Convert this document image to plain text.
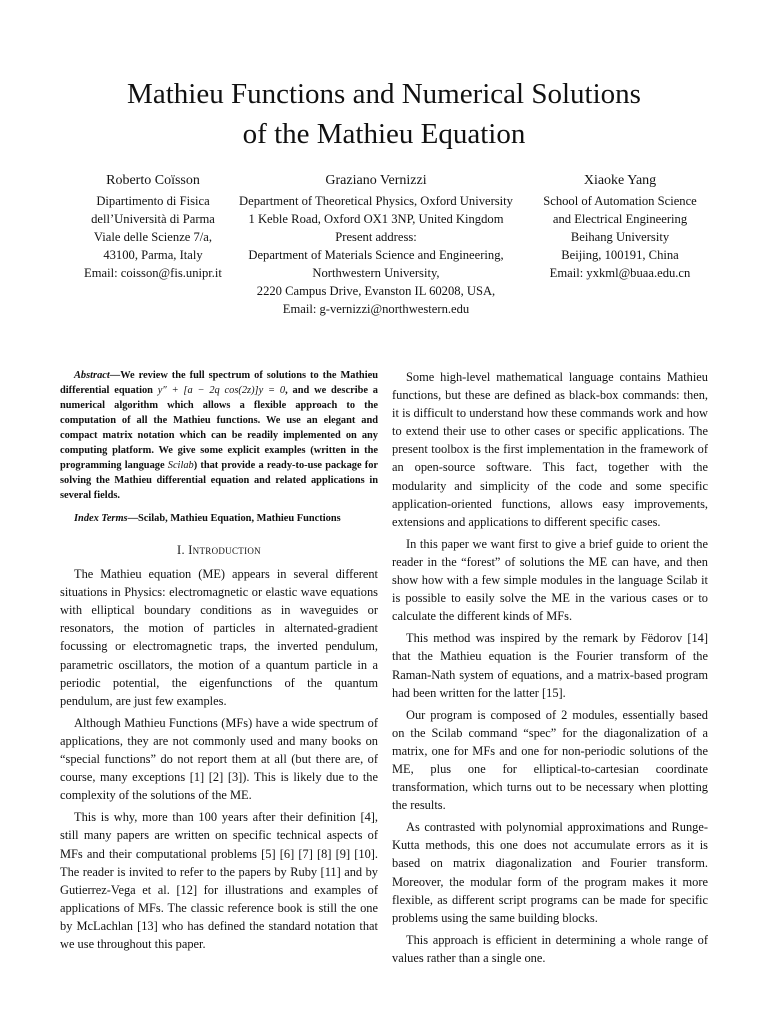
Mathieu Functions and Numerical Solutions
of the Mathieu Equation
Roberto Coïsson
Dipartimento di Fisica
dell’Università di Parma
Viale delle Scienze 7/a,
43100, Parma, Italy
Email: coisson@fis.unipr.it
Graziano Vernizzi
Department of Theoretical Physics, Oxford University
1 Keble Road, Oxford OX1 3NP, United Kingdom
Present address:
Department of Materials Science and Engineering,
Northwestern University,
2220 Campus Drive, Evanston IL 60208, USA,
Email: g-vernizzi@northwestern.edu
Xiaoke Yang
School of Automation Science
and Electrical Engineering
Beihang University
Beijing, 100191, China
Email: yxkml@buaa.edu.cn

Abstract—We review the full spectrum of solutions to the Mathieu differential equation y″ + [a − 2q cos(2z)]y = 0, and we describe a numerical algorithm which allows a flexible approach to the computation of all the Mathieu functions. We use an elegant and compact matrix notation which can be readily implemented on any computing platform. We give some explicit examples (written in the programming language Scilab) that provide a ready-to-use package for solving the Mathieu differential equation and related applications in several fields.

Index Terms—Scilab, Mathieu Equation, Mathieu Functions

I. Introduction

The Mathieu equation (ME) appears in several different situations in Physics: electromagnetic or elastic wave equations with elliptical boundary conditions as in waveguides or resonators, the motion of particles in alternated-gradient focussing or electromagnetic traps, the inverted pendulum, parametric oscillators, the motion of a quantum particle in a periodic potential, the eigenfunctions of the quantum pendulum, are just few examples.

Although Mathieu Functions (MFs) have a wide spectrum of applications, they are not commonly used and many books on “special functions” do not report them at all (but there are, of course, many exceptions [1] [2] [3]). This is likely due to the complexity of the solutions of the ME.

This is why, more than 100 years after their definition [4], still many papers are written on specific technical aspects of MFs and their computational problems [5] [6] [7] [8] [9] [10]. The reader is invited to refer to the papers by Ruby [11] and by Gutierrez-Vega et al. [12] for illustrations and examples of applications of MFs. The classic reference book is still the one by McLachlan [13] who has defined the standard notation that we use throughout this paper.

Some high-level mathematical language contains Mathieu functions, but these are defined as black-box commands: then, it is difficult to understand how these commands work and how to extend their use to other cases or specific applications. The present toolbox is the first implementation in the framework of an open-source software. This fact, together with the modularity and simplicity of the code and some specific application-oriented functions, allows easy improvements, extensions and applications to different specific cases.

In this paper we want first to give a brief guide to orient the reader in the “forest” of solutions the ME can have, and then show how with a few simple modules in the language Scilab it is possible to easily solve the ME in the various cases or to calculate the different kinds of MFs.

This method was inspired by the remark by Fëdorov [14] that the Mathieu equation is the Fourier transform of the Raman-Nath system of equations, and a matrix-based program had been written for the latter [15].

Our program is composed of 2 modules, essentially based on the Scilab command “spec” for the diagonalization of a matrix, one for MFs and one for non-periodic solutions of the ME, plus one for elliptical-to-cartesian coordinate transformation, which turns out to be necessary when plotting the results.

As contrasted with polynomial approximations and Runge-Kutta methods, this one does not accumulate errors as it is based on matrix diagonalization and Fourier transform. Moreover, the modular form of the program makes it more flexible, as different script programs can be made for specific problems using the same building blocks.

This approach is efficient in determining a whole range of values rather than a single one.
